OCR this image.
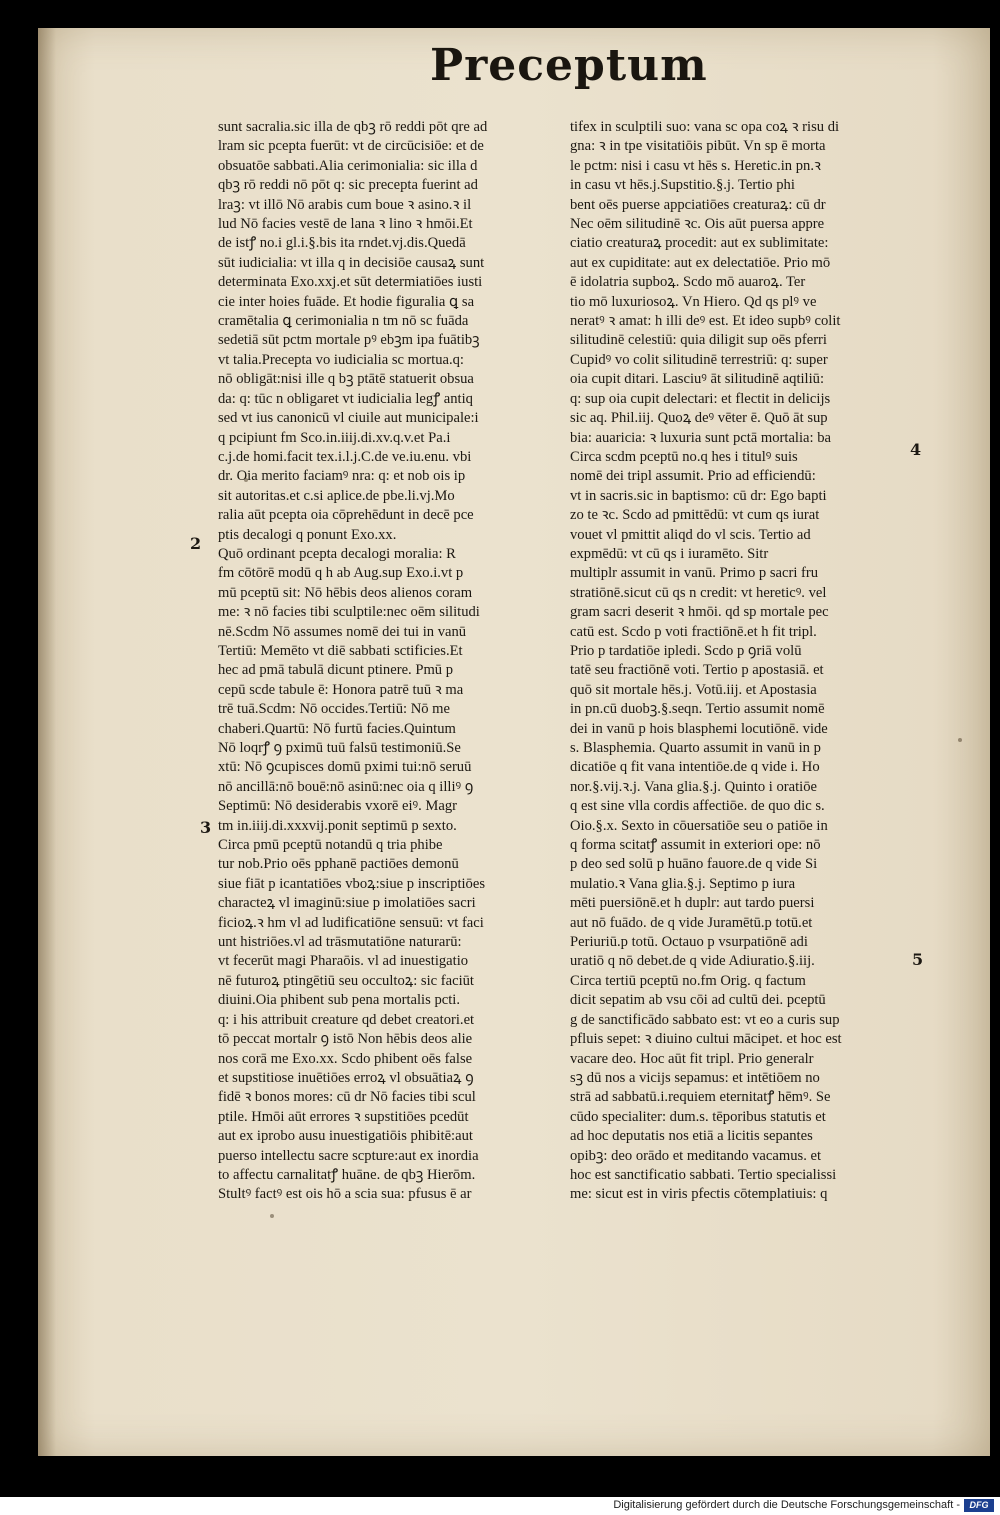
Preceptum

sunt sacralia.sic illa de qbꝫ rō reddi pōt qre ad
lram sic pcepta fuerūt: vt de circūcisiōe: et de
obsuatōe sabbati.Alia cerimonialia: sic illa d
qbꝫ rō reddi nō pōt q: sic precepta fuerint ad
lraꝫ: vt illō Nō arabis cum boue ꝛ asino.ꝛ il
lud Nō facies vestē de lana ꝛ lino ꝛ hmōi.Et
de istꝭ no.i gl.i.§.bis ita rndet.vj.dis.Quedā
sūt iudicialia: vt illa q in decisiōe causaꝝ sunt
determinata Exo.xxj.et sūt determiatiōes iusti
cie inter hoies fuāde. Et hodie figuralia ꝗ sa
cramētalia ꝗ cerimonialia n tm nō sc fuāda
sedetiā sūt pctm mortale pꝰ ebꝫm ipa fuātibꝫ
vt talia.Precepta vo iudicialia sc mortua.q:
nō obligāt:nisi ille q bꝫ ptātē statuerit obsua
da: q: tūc n obligaret vt iudicialia legꝭ antiq
sed vt ius canonicū vl ciuile aut municipale:i
q pcipiunt fm Sco.in.iiij.di.xv.q.v.et Pa.i
c.j.de homi.facit tex.i.l.j.C.de ve.iu.enu. vbi
dr. Oia merito faciamꝰ nra: q: et nob ois ip
sit autoritas.et c.si aplice.de pbe.li.vj.Mo
ralia aūt pcepta oia cōprehēdunt in decē pce
ptis decalogi q ponunt Exo.xx.

Quō ordinant pcepta decalogi moralia: R
fm cōtōrē modū q h ab Aug.sup Exo.i.vt p
mū pceptū sit: Nō hēbis deos alienos coram
me: ꝛ nō facies tibi sculptile:nec oēm silitudi
nē.Scdm Nō assumes nomē dei tui in vanū
Tertiū: Memēto vt diē sabbati sctificies.Et
hec ad pmā tabulā dicunt ptinere. Pmū p
cepū scde tabule ē: Honora patrē tuū ꝛ ma
trē tuā.Scdm: Nō occides.Tertiū: Nō me
chaberi.Quartū: Nō furtū facies.Quintum
Nō loqrꝭ ꝯ pximū tuū falsū testimoniū.Se
xtū: Nō ꝯcupisces domū pximi tui:nō seruū
nō ancillā:nō bouē:nō asinū:nec oia q illiꝰ ꝯ
Septimū: Nō desiderabis vxorē eiꝰ. Magr
tm in.iiij.di.xxxvij.ponit septimū p sexto.

Circa pmū pceptū notandū q tria phibe
tur nob.Prio oēs pphanē pactiōes demonū
siue fiāt p icantatiōes vboꝝ:siue p inscriptiōes
characteꝝ vl imaginū:siue p imolatiōes sacri
ficioꝝ.ꝛ hm vl ad ludificatiōne sensuū: vt faci
unt histriōes.vl ad trāsmutatiōne naturarū:
vt fecerūt magi Pharaōis. vl ad inuestigatio
nē futuroꝝ ptingētiū seu occultoꝝ: sic faciūt
diuini.Oia phibent sub pena mortalis pcti.
q: i his attribuit creature qd debet creatori.et
tō peccat mortalr ꝯ istō Non hēbis deos alie
nos corā me Exo.xx. Scdo phibent oēs false
et supstitiose inuētiōes erroꝝ vl obsuātiaꝝ ꝯ
fidē ꝛ bonos mores: cū dr Nō facies tibi scul
ptile. Hmōi aūt errores ꝛ supstitiōes pcedūt
aut ex iprobo ausu inuestigatiōis phibitē:aut
puerso intellectu sacre scpture:aut ex inordia
to affectu carnalitatꝭ huāne. de qbꝫ Hierōm.
Stultꝰ factꝰ est ois hō a scia sua: pfusus ē ar

tifex in sculptili suo: vana sc opa coꝝ ꝛ risu di
gna: ꝛ in tpe visitatiōis pibūt. Vn sp ē morta
le pctm: nisi i casu vt hēs s. Heretic.in pn.ꝛ
in casu vt hēs.j.Supstitio.§.j. Tertio phi
bent oēs puerse appciatiōes creaturaꝝ: cū dr
Nec oēm silitudinē ꝛc. Ois aūt puersa appre
ciatio creaturaꝝ procedit: aut ex sublimitate:
aut ex cupiditate: aut ex delectatiōe. Prio mō
ē idolatria supboꝝ. Scdo mō auaroꝝ. Ter
tio mō luxuriosoꝝ. Vn Hiero. Qd qs plꝰ ve
neratꝰ ꝛ amat: h illi deꝰ est. Et ideo supbꝰ colit
silitudinē celestiū: quia diligit sup oēs pferri
Cupidꝰ vo colit silitudinē terrestriū: q: super
oia cupit ditari. Lasciuꝰ āt silitudinē aqtiliū:
q: sup oia cupit delectari: et flectit in delicijs
sic aq. Phil.iij. Quoꝝ deꝰ vēter ē. Quō āt sup
bia: auaricia: ꝛ luxuria sunt pctā mortalia: ba

Circa scdm pceptū no.q hes i titulꝰ suis
nomē dei tripl assumit. Prio ad efficiendū:
vt in sacris.sic in baptismo: cū dr: Ego bapti
zo te ꝛc. Scdo ad pmittēdū: vt cum qs iurat
vouet vl pmittit aliqd do vl scis. Tertio ad
expmēdū: vt cū qs i iuramēto. Sitr
multiplr assumit in vanū. Primo p sacri fru
stratiōnē.sicut cū qs n credit: vt hereticꝰ. vel
gram sacri deserit ꝛ hmōi. qd sp mortale pec
catū est. Scdo p voti fractiōnē.et h fit tripl.
Prio p tardatiōe ipledi. Scdo p ꝯriā volū
tatē seu fractiōnē voti. Tertio p apostasiā. et
quō sit mortale hēs.j. Votū.iij. et Apostasia
in pn.cū duobꝫ.§.seqn. Tertio assumit nomē
dei in vanū p hois blasphemi locutiōnē. vide
s. Blasphemia. Quarto assumit in vanū in p
dicatiōe q fit vana intentiōe.de q vide i. Ho
nor.§.vij.ꝛ.j. Vana glia.§.j. Quinto i oratiōe
q est sine vlla cordis affectiōe. de quo dic s.
Oio.§.x. Sexto in cōuersatiōe seu o patiōe in
q forma scitatꝭ assumit in exteriori ope: nō
p deo sed solū p huāno fauore.de q vide Si
mulatio.ꝛ Vana glia.§.j. Septimo p iura
mēti puersiōnē.et h duplr: aut tardo puersi
aut nō fuādo. de q vide Juramētū.p totū.et
Periuriū.p totū. Octauo p vsurpatiōnē adi
uratiō q nō debet.de q vide Adiuratio.§.iij.

Circa tertiū pceptū no.fm Orig. q factum
dicit sepatim ab vsu cōi ad cultū dei. pceptū
g de sanctificādo sabbato est: vt eo a curis sup
pfluis sepet: ꝛ diuino cultui mācipet. et hoc est
vacare deo. Hoc aūt fit tripl. Prio generalr
sꝫ dū nos a vicijs sepamus: et intētiōem no
strā ad sabbatū.i.requiem eternitatꝭ hēmꝰ. Se
cūdo specialiter: dum.s. tēporibus statutis et
ad hoc deputatis nos etiā a licitis sepantes
opibꝫ: deo orādo et meditando vacamus. et
hoc est sanctificatio sabbati. Tertio specialissi
me: sicut est in viris pfectis cōtemplatiuis: q

2
3
4
5
Digitalisierung gefördert durch die Deutsche Forschungsgemeinschaft -	DFG
